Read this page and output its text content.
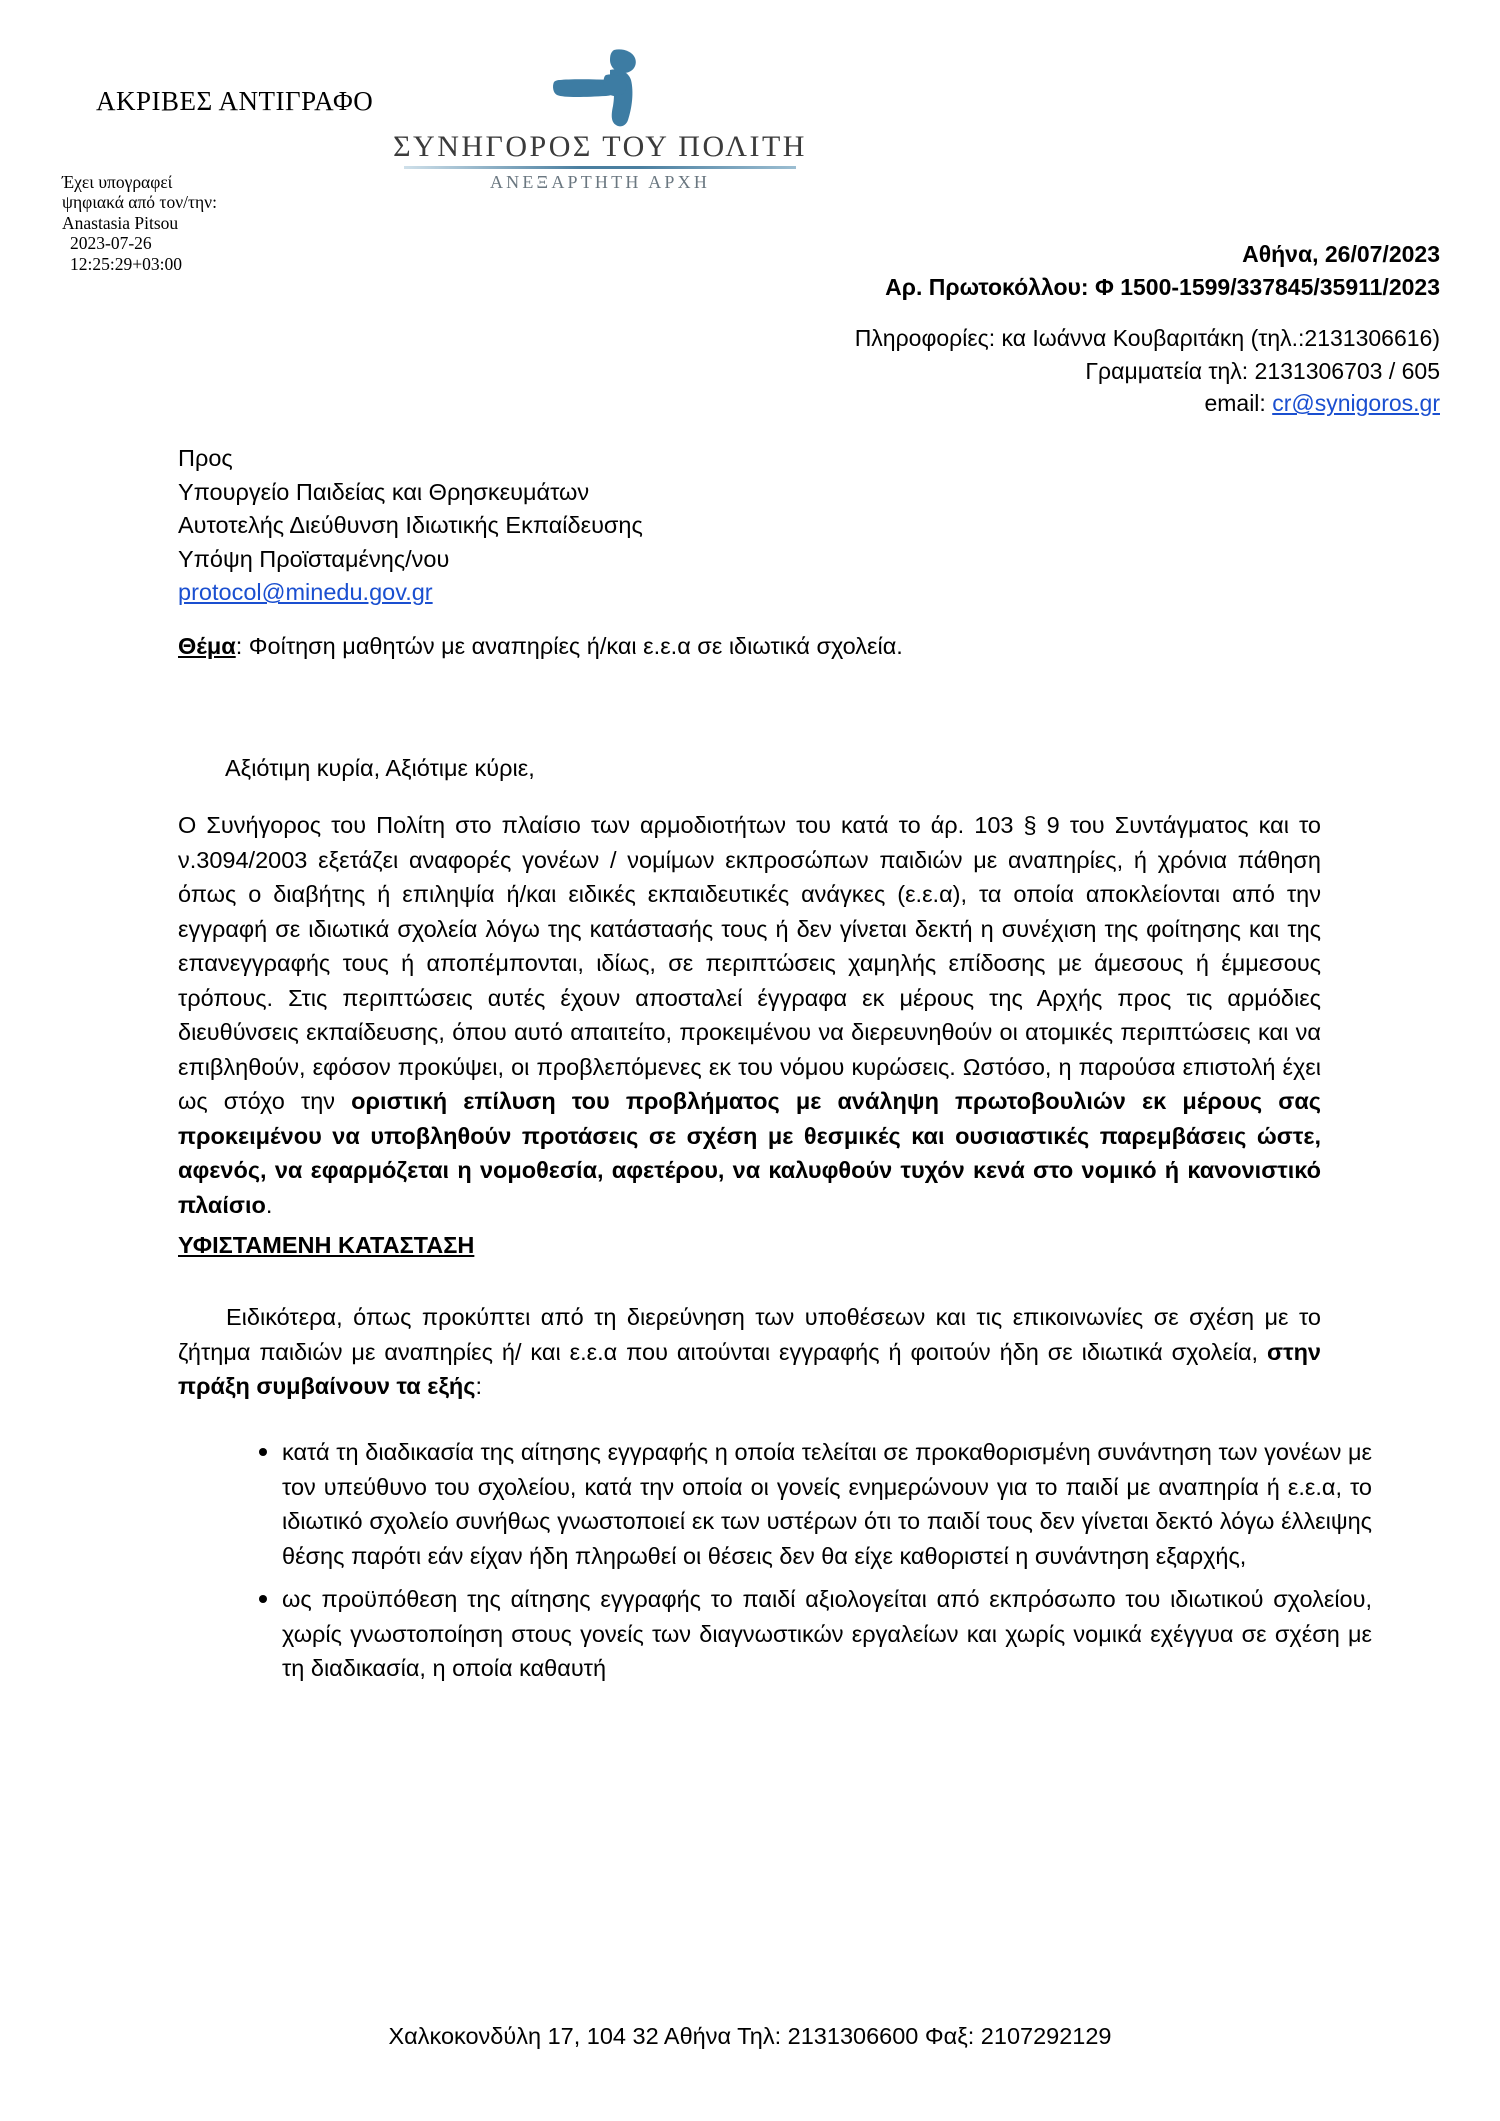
ΑΚΡΙΒΕΣ ΑΝΤΙΓΡΑΦΟ
Έχει υπογραφεί
ψηφιακά από τον/την:
Anastasia Pitsou
2023-07-26
12:25:29+03:00
ΣΥΝΗΓΟΡΟΣ ΤΟΥ ΠΟΛΙΤΗ
ΑΝΕΞΑΡΤΗΤΗ ΑΡΧΗ
Αθήνα, 26/07/2023
Αρ. Πρωτοκόλλου: Φ 1500-1599/337845/35911/2023
Πληροφορίες: κα Ιωάννα Κουβαριτάκη (τηλ.:2131306616)
Γραμματεία τηλ: 2131306703 / 605
email: cr@synigoros.gr
Προς
Υπουργείο Παιδείας και Θρησκευμάτων
Αυτοτελής Διεύθυνση Ιδιωτικής Εκπαίδευσης
Υπόψη Προϊσταμένης/νου
protocol@minedu.gov.gr
Θέμα: Φοίτηση μαθητών με αναπηρίες ή/και ε.ε.α σε ιδιωτικά σχολεία.
Αξιότιμη κυρία, Αξιότιμε κύριε,
Ο Συνήγορος του Πολίτη στο πλαίσιο των αρμοδιοτήτων του κατά το άρ. 103 § 9 του Συντάγματος και το ν.3094/2003 εξετάζει αναφορές γονέων / νομίμων εκπροσώπων παιδιών με αναπηρίες, ή χρόνια πάθηση όπως ο διαβήτης ή επιληψία ή/και ειδικές εκπαιδευτικές ανάγκες (ε.ε.α), τα οποία αποκλείονται από την εγγραφή σε ιδιωτικά σχολεία λόγω της κατάστασής τους ή δεν γίνεται δεκτή η συνέχιση της φοίτησης και της επανεγγραφής τους ή αποπέμπονται, ιδίως, σε περιπτώσεις χαμηλής επίδοσης με άμεσους ή έμμεσους τρόπους. Στις περιπτώσεις αυτές έχουν αποσταλεί έγγραφα εκ μέρους της Αρχής προς τις αρμόδιες διευθύνσεις εκπαίδευσης, όπου αυτό απαιτείτο, προκειμένου να διερευνηθούν οι ατομικές περιπτώσεις και να επιβληθούν, εφόσον προκύψει, οι προβλεπόμενες εκ του νόμου κυρώσεις. Ωστόσο, η παρούσα επιστολή έχει ως στόχο την οριστική επίλυση του προβλήματος με ανάληψη πρωτοβουλιών εκ μέρους σας προκειμένου να υποβληθούν προτάσεις σε σχέση με θεσμικές και ουσιαστικές παρεμβάσεις ώστε, αφενός, να εφαρμόζεται η νομοθεσία, αφετέρου, να καλυφθούν τυχόν κενά στο νομικό ή κανονιστικό πλαίσιο.
ΥΦΙΣΤΑΜΕΝΗ ΚΑΤΑΣΤΑΣΗ
Ειδικότερα, όπως προκύπτει από τη διερεύνηση των υποθέσεων και τις επικοινωνίες σε σχέση με το ζήτημα παιδιών με αναπηρίες ή/ και ε.ε.α που αιτούνται εγγραφής ή φοιτούν ήδη σε ιδιωτικά σχολεία, στην πράξη συμβαίνουν τα εξής:
• κατά τη διαδικασία της αίτησης εγγραφής η οποία τελείται σε προκαθορισμένη συνάντηση των γονέων με τον υπεύθυνο του σχολείου, κατά την οποία οι γονείς ενημερώνουν για το παιδί με αναπηρία ή ε.ε.α, το ιδιωτικό σχολείο συνήθως γνωστοποιεί εκ των υστέρων ότι το παιδί τους δεν γίνεται δεκτό λόγω έλλειψης θέσης παρότι εάν είχαν ήδη πληρωθεί οι θέσεις δεν θα είχε καθοριστεί η συνάντηση εξαρχής,
• ως προϋπόθεση της αίτησης εγγραφής το παιδί αξιολογείται από εκπρόσωπο του ιδιωτικού σχολείου, χωρίς γνωστοποίηση στους γονείς των διαγνωστικών εργαλείων και χωρίς νομικά εχέγγυα σε σχέση με τη διαδικασία, η οποία καθαυτή
Χαλκοκονδύλη 17, 104 32 Αθήνα Τηλ: 2131306600 Φαξ: 2107292129
